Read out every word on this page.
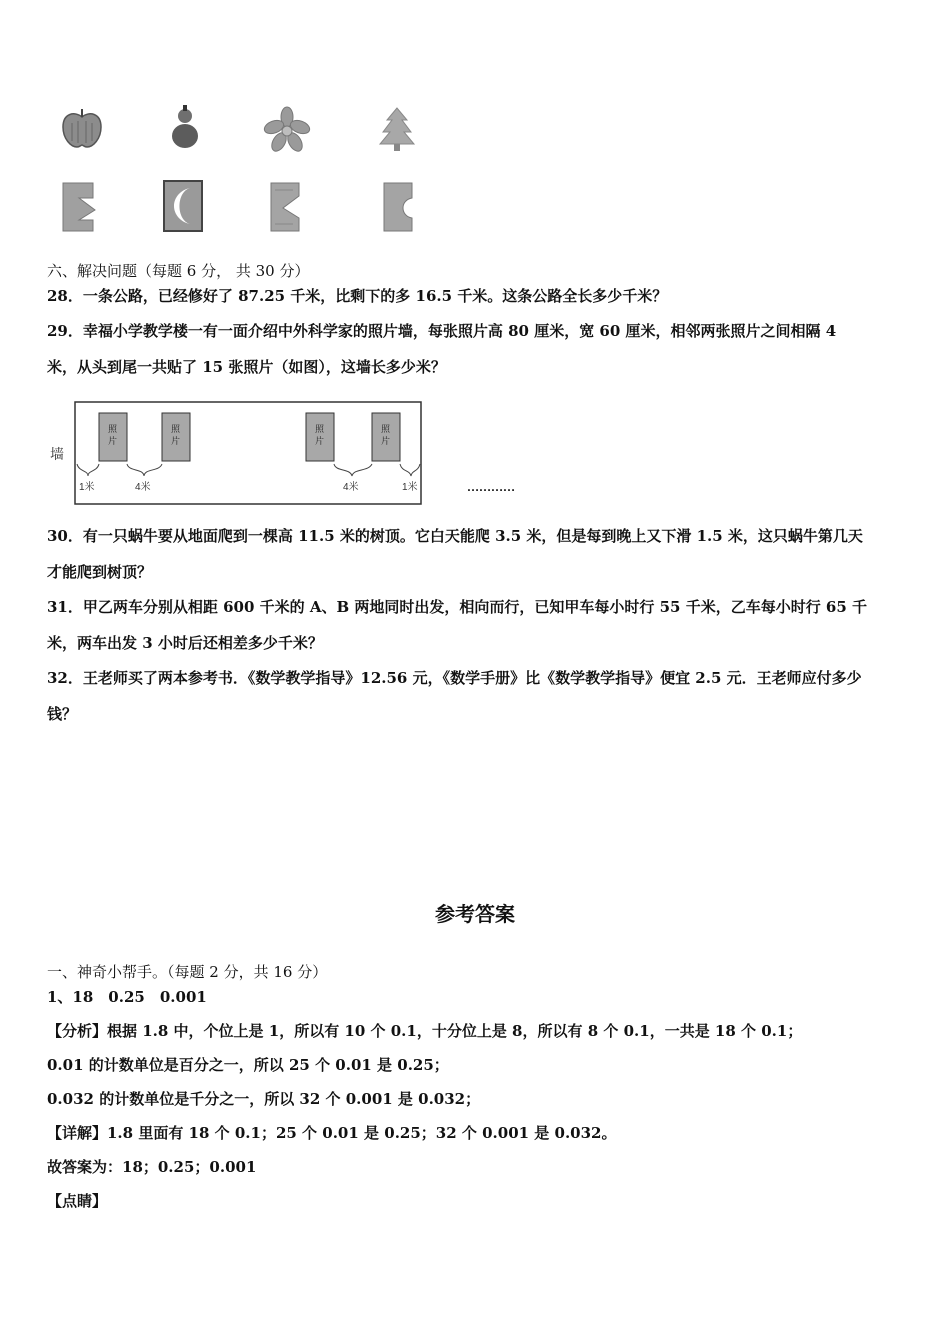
六、解决问题（每题 6 分， 共 30 分）
28．一条公路，已经修好了 87.25 千米，比剩下的多 16.5 千米。这条公路全长多少千米？
29．幸福小学教学楼一有一面介绍中外科学家的照片墙，每张照片高 80 厘米，宽 60 厘米，相邻两张照片之间相隔 4
米，从头到尾一共贴了 15 张照片（如图），这墙长多少米？
墙
照
片
照
片
照
片
照
片
1米	4米	4米	1米	…………
30．有一只蜗牛要从地面爬到一棵高 11.5 米的树顶。它白天能爬 3.5 米，但是每到晚上又下滑 1.5 米，这只蜗牛第几天
才能爬到树顶？
31．甲乙两车分别从相距 600 千米的 A、B 两地同时出发，相向而行，已知甲车每小时行 55 千米，乙车每小时行 65 千
米，两车出发 3 小时后还相差多少千米？
32．王老师买了两本参考书．《数学教学指导》12.56 元，《数学手册》比《数学教学指导》便宜 2.5 元．王老师应付多少
钱？
参考答案
一、神奇小帮手。（每题 2 分，共 16 分）
1、18　0.25　0.001
【分析】根据 1.8 中，个位上是 1，所以有 10 个 0.1，十分位上是 8，所以有 8 个 0.1，一共是 18 个 0.1；
0.01 的计数单位是百分之一，所以 25 个 0.01 是 0.25；
0.032 的计数单位是千分之一，所以 32 个 0.001 是 0.032；
【详解】1.8 里面有 18 个 0.1；25 个 0.01 是 0.25；32 个 0.001 是 0.032。
故答案为：18；0.25；0.001
【点睛】
